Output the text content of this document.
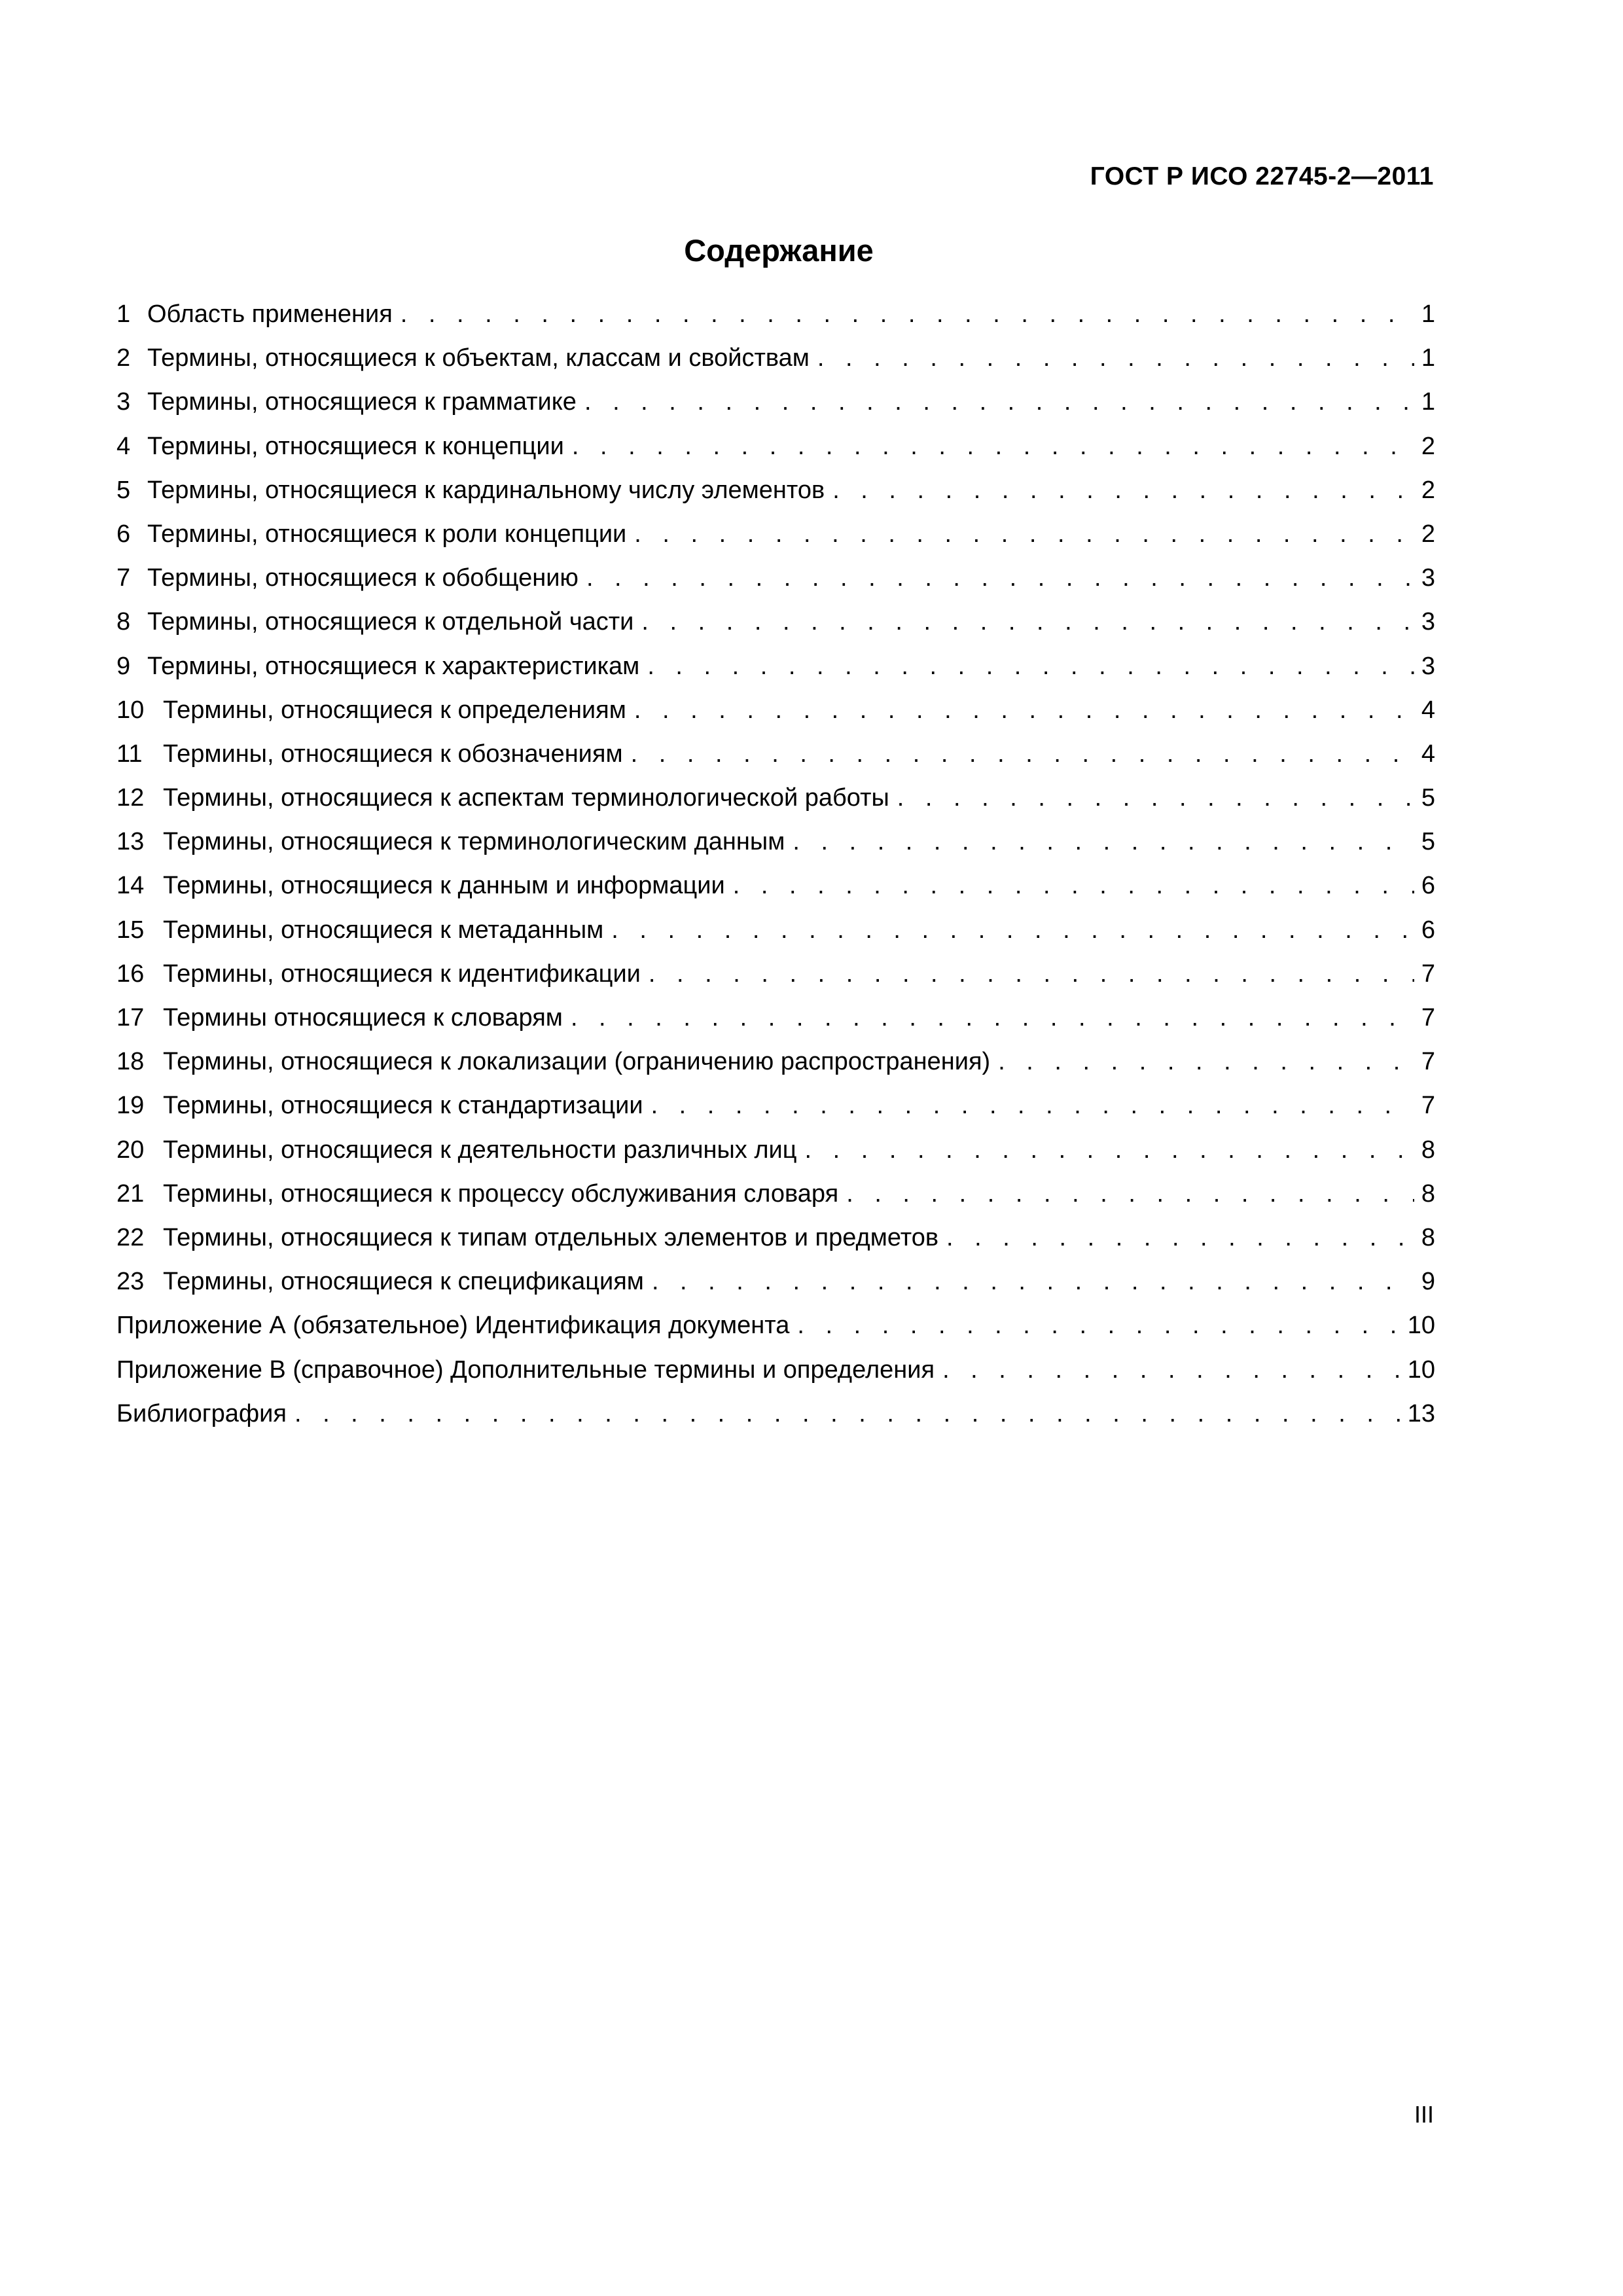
ГОСТ Р ИСО 22745-2—2011
Содержание
1 Область применения . . .	1
2 Термины, относящиеся к объектам, классам и свойствам . . .	1
3 Термины, относящиеся к грамматике . . .	1
4 Термины, относящиеся к концепции . . .	2
5 Термины, относящиеся к кардинальному числу элементов . . .	2
6 Термины, относящиеся к роли концепции . . .	2
7 Термины, относящиеся к обобщению . . .	3
8 Термины, относящиеся к отдельной части . . .	3
9 Термины, относящиеся к характеристикам . . .	3
10 Термины, относящиеся к определениям . . .	4
11 Термины, относящиеся к обозначениям . . .	4
12 Термины, относящиеся к аспектам терминологической работы . . .	5
13 Термины, относящиеся к терминологическим данным . . .	5
14 Термины, относящиеся к данным и информации . . .	6
15 Термины, относящиеся к метаданным . . .	6
16 Термины, относящиеся к идентификации . . .	7
17 Термины относящиеся к словарям . . .	7
18 Термины, относящиеся к локализации (ограничению распространения) . . .	7
19 Термины, относящиеся к стандартизации . . .	7
20 Термины, относящиеся к деятельности различных лиц . . .	8
21 Термины, относящиеся к процессу обслуживания словаря . . .	8
22 Термины, относящиеся к типам отдельных элементов и предметов . . .	8
23 Термины, относящиеся к спецификациям . . .	9
Приложение А (обязательное) Идентификация документа . . .	10
Приложение В (справочное) Дополнительные термины и определения . . .	10
Библиография . . .	13
III
